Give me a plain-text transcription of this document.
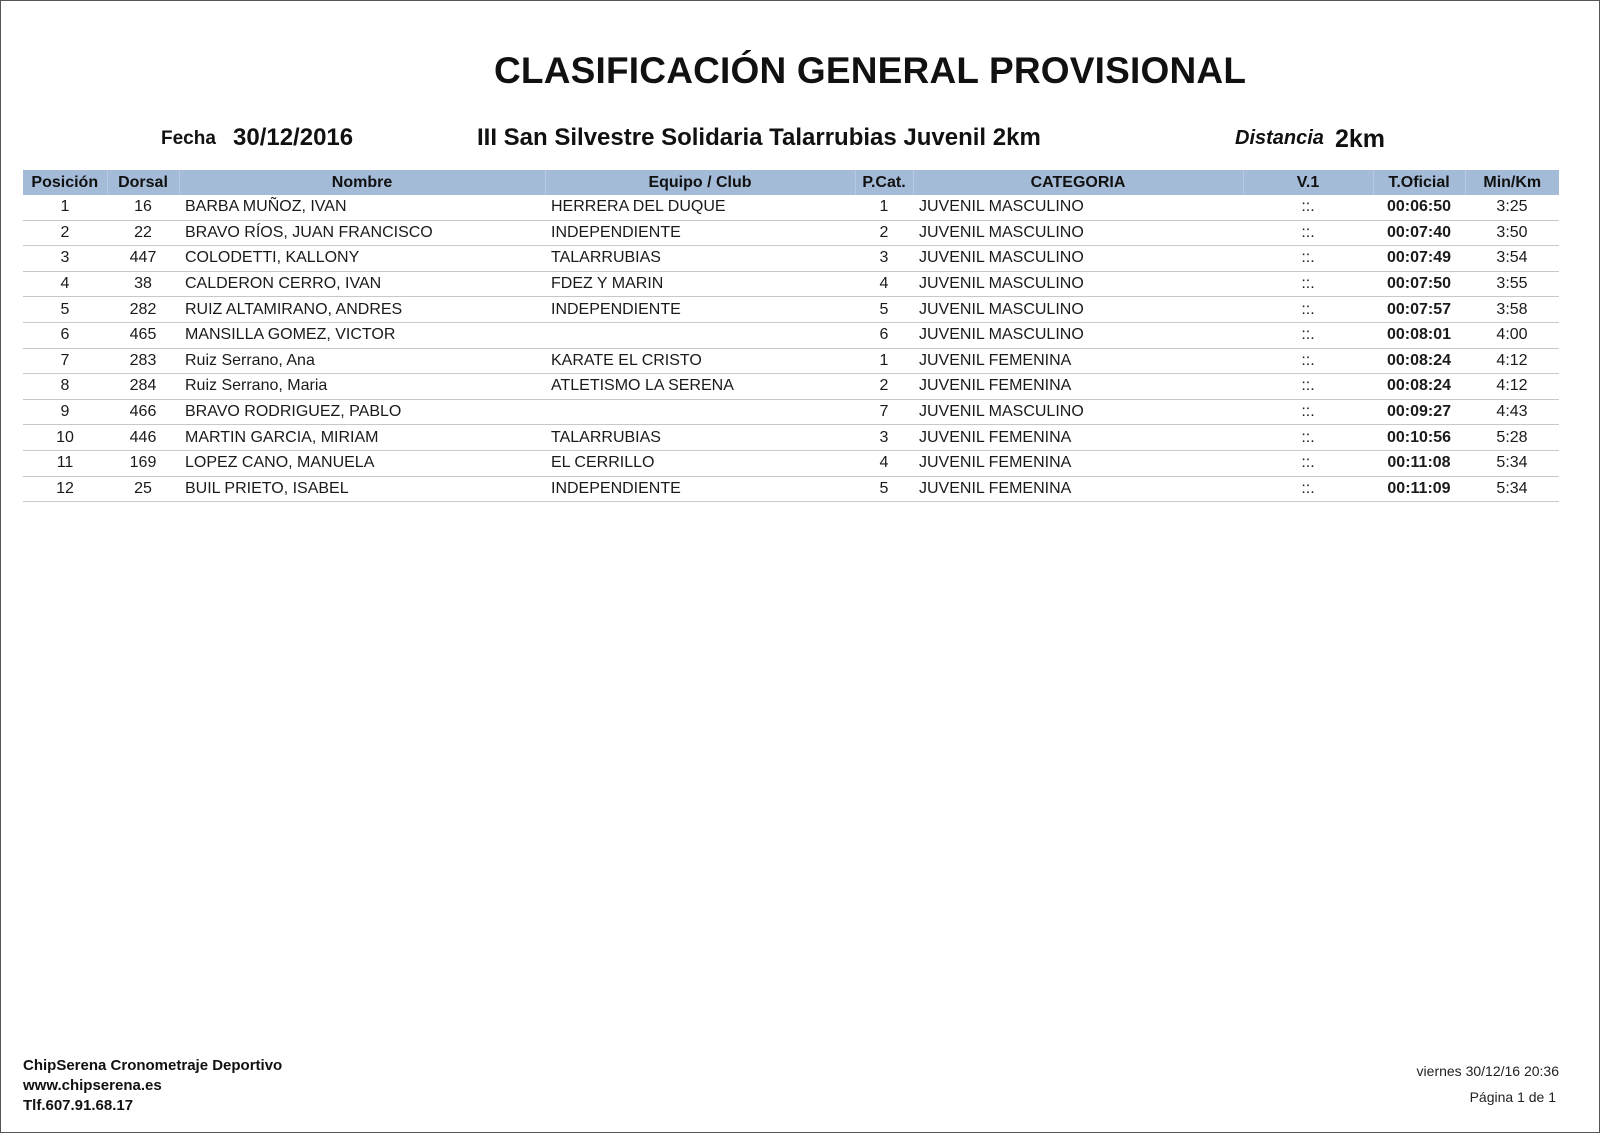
CLASIFICACIÓN GENERAL PROVISIONAL
Fecha 30/12/2016	III San Silvestre Solidaria Talarrubias Juvenil 2km	Distancia 2km
Posición	Dorsal	Nombre	Equipo / Club	P.Cat.	CATEGORIA	V.1	T.Oficial	Min/Km
1	16	BARBA MUÑOZ, IVAN	HERRERA DEL DUQUE	1	JUVENIL MASCULINO	::.	00:06:50	3:25
2	22	BRAVO RÍOS, JUAN FRANCISCO	INDEPENDIENTE	2	JUVENIL MASCULINO	::.	00:07:40	3:50
3	447	COLODETTI, KALLONY	TALARRUBIAS	3	JUVENIL MASCULINO	::.	00:07:49	3:54
4	38	CALDERON CERRO, IVAN	FDEZ Y MARIN	4	JUVENIL MASCULINO	::.	00:07:50	3:55
5	282	RUIZ ALTAMIRANO, ANDRES	INDEPENDIENTE	5	JUVENIL MASCULINO	::.	00:07:57	3:58
6	465	MANSILLA GOMEZ, VICTOR		6	JUVENIL MASCULINO	::.	00:08:01	4:00
7	283	Ruiz Serrano, Ana	KARATE EL CRISTO	1	JUVENIL FEMENINA	::.	00:08:24	4:12
8	284	Ruiz Serrano, Maria	ATLETISMO LA SERENA	2	JUVENIL FEMENINA	::.	00:08:24	4:12
9	466	BRAVO RODRIGUEZ, PABLO		7	JUVENIL MASCULINO	::.	00:09:27	4:43
10	446	MARTIN GARCIA, MIRIAM	TALARRUBIAS	3	JUVENIL FEMENINA	::.	00:10:56	5:28
11	169	LOPEZ CANO, MANUELA	EL CERRILLO	4	JUVENIL FEMENINA	::.	00:11:08	5:34
12	25	BUIL PRIETO, ISABEL	INDEPENDIENTE	5	JUVENIL FEMENINA	::.	00:11:09	5:34
ChipSerena Cronometraje Deportivo
www.chipserena.es
Tlf.607.91.68.17
viernes 30/12/16 20:36
Página 1 de 1
